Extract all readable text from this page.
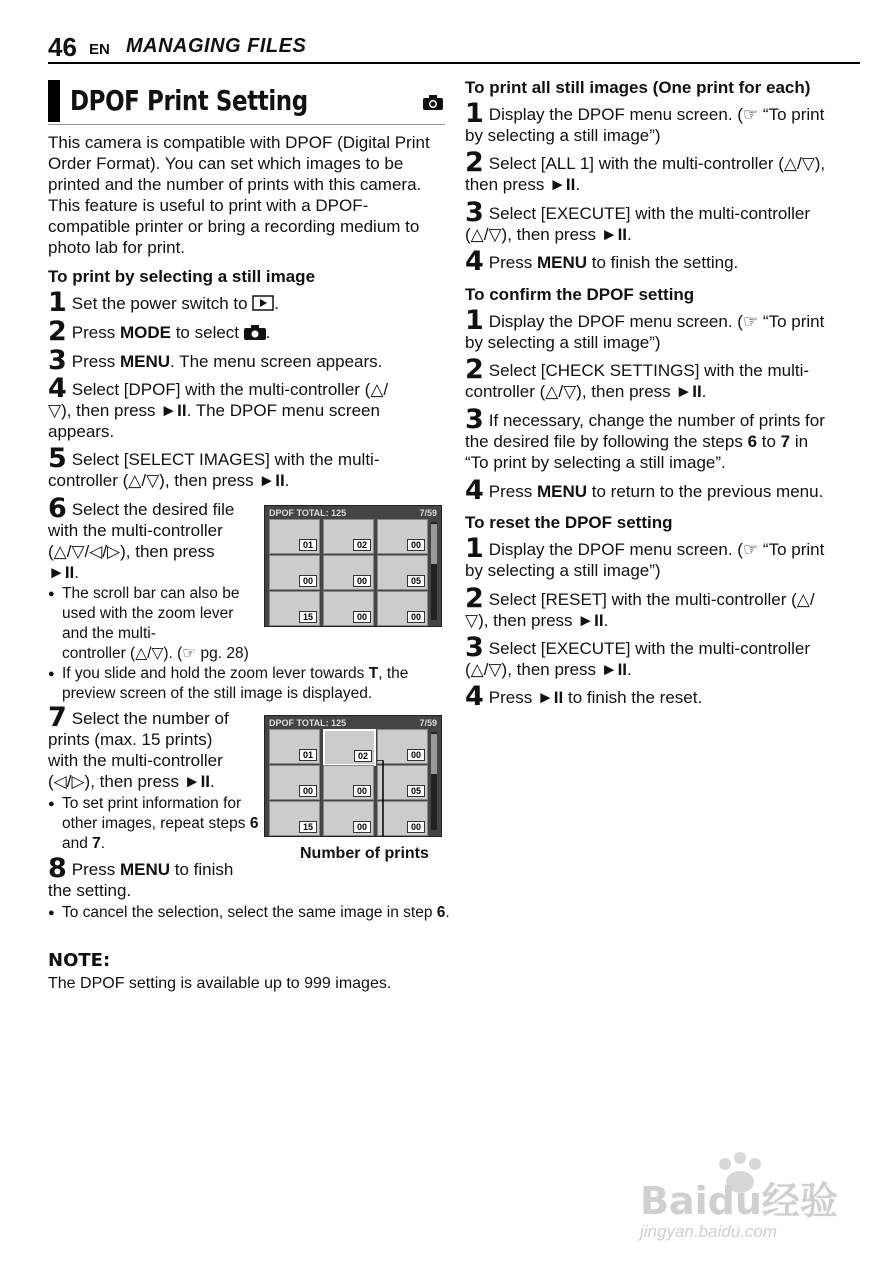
46 EN MANAGING FILES
DPOF Print Setting
This camera is compatible with DPOF (Digital Print Order Format). You can set which images to be printed and the number of prints with this camera. This feature is useful to print with a DPOF-compatible printer or bring a recording medium to photo lab for print.
To print by selecting a still image
1 Set the power switch to .
2 Press MODE to select .
3 Press MENU. The menu screen appears.
4 Select [DPOF] with the multi-controller (△/
▽), then press ►II. The DPOF menu screen
appears.
5 Select [SELECT IMAGES] with the multi-
controller (△/▽), then press ►II.
6 Select the desired file
with the multi-controller
(△/▽/◁/▷), then press
►II.
● The scroll bar can also be used with the zoom lever and the multi-
controller (△/▽). (☞ pg. 28)
● If you slide and hold the zoom lever towards T, the preview screen of the still image is displayed.
7 Select the number of
prints (max. 15 prints)
with the multi-controller
(◁/▷), then press ►II.
● To set print information for other images, repeat steps 6 and 7.
8 Press MENU to finish
the setting.
● To cancel the selection, select the same image in step 6.
NOTE:
The DPOF setting is available up to 999 images.
DPOF TOTAL: 125	7/59
01	02	00
00	00	05
15	00	00
DPOF TOTAL: 125	7/59
01	02	00
00	00	05
15	00	00
Number of prints
To print all still images (One print for each)
1 Display the DPOF menu screen. (☞ “To print
by selecting a still image”)
2 Select [ALL 1] with the multi-controller (△/▽),
then press ►II.
3 Select [EXECUTE] with the multi-controller
(△/▽), then press ►II.
4 Press MENU to finish the setting.
To confirm the DPOF setting
1 Display the DPOF menu screen. (☞ “To print
by selecting a still image”)
2 Select [CHECK SETTINGS] with the multi-
controller (△/▽), then press ►II.
3 If necessary, change the number of prints for
the desired file by following the steps 6 to 7 in
“To print by selecting a still image”.
4 Press MENU to return to the previous menu.
To reset the DPOF setting
1 Display the DPOF menu screen. (☞ “To print
by selecting a still image”)
2 Select [RESET] with the multi-controller (△/
▽), then press ►II.
3 Select [EXECUTE] with the multi-controller
(△/▽), then press ►II.
4 Press ►II to finish the reset.
Baidu经验
jingyan.baidu.com
